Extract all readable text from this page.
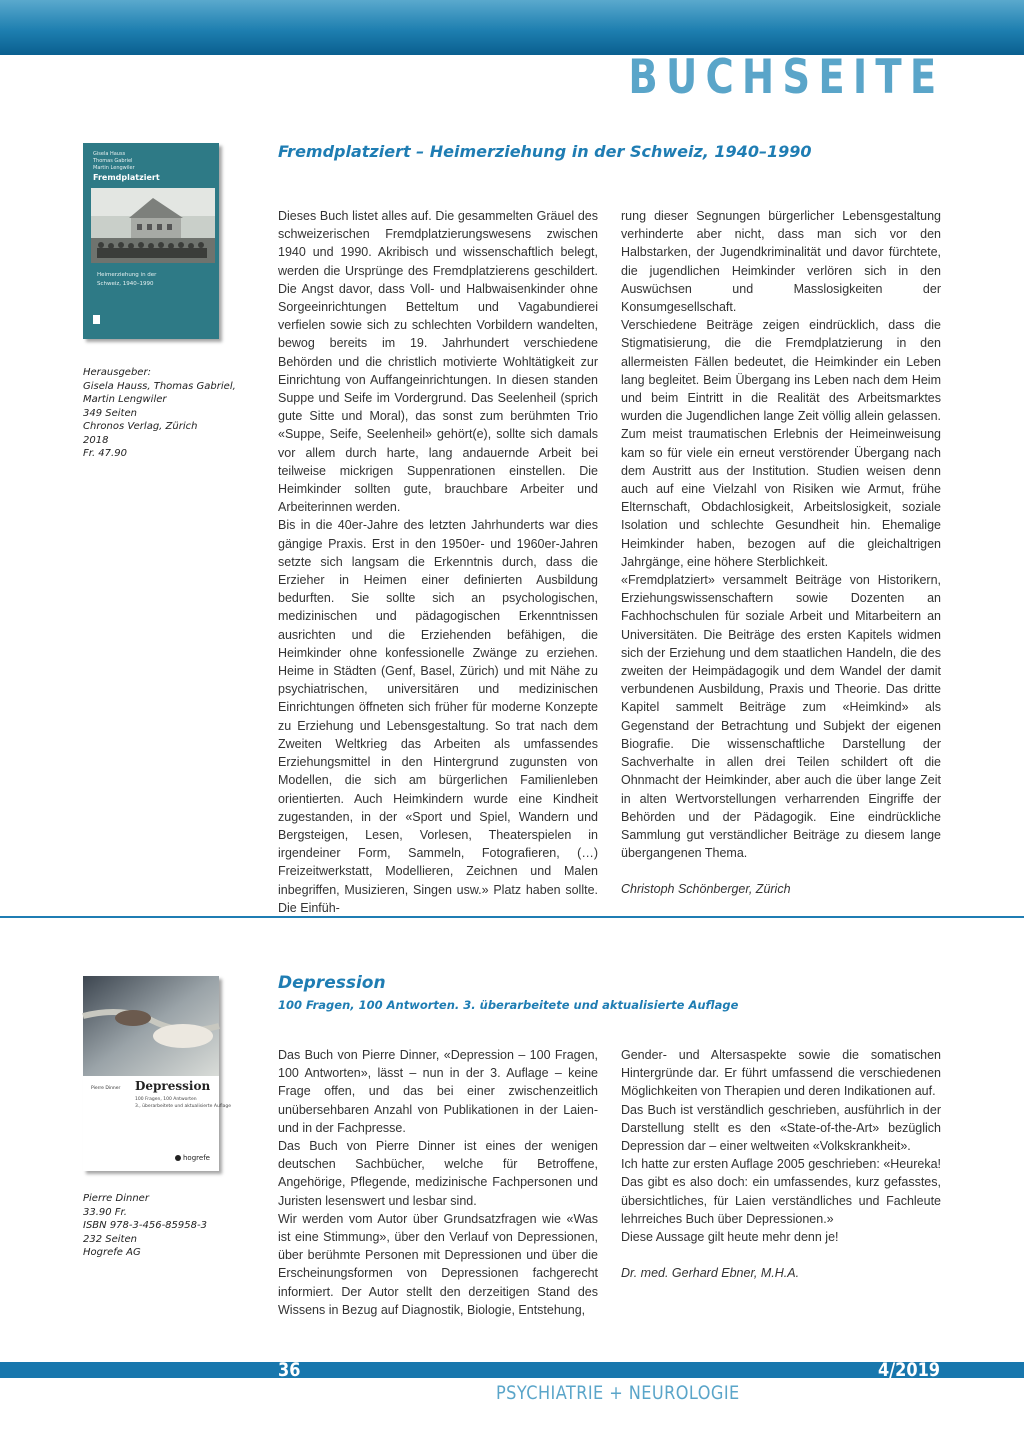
BUCHSEITE
Fremdplatziert – Heimerziehung in der Schweiz, 1940–1990
Gisela Hauss
Thomas Gabriel
Martin Lengwiler
Fremdplatziert
Heimerziehung in der
Schweiz, 1940–1990
Herausgeber:
Gisela Hauss, Thomas Gabriel,
Martin Lengwiler
349 Seiten
Chronos Verlag, Zürich
2018
Fr. 47.90

Dieses Buch listet alles auf. Die gesammelten Gräuel des schweizerischen Fremdplatzierungswesens zwischen 1940 und 1990. Akribisch und wissenschaftlich belegt, werden die Ursprünge des Fremdplatzierens geschildert. Die Angst davor, dass Voll- und Halbwaisenkinder ohne Sorgeeinrichtungen Betteltum und Vagabundierei verfielen sowie sich zu schlechten Vorbildern wandelten, bewog bereits im 19. Jahrhundert verschiedene Behörden und die christlich motivierte Wohltätigkeit zur Einrichtung von Auffangeinrichtungen. In diesen standen Suppe und Seife im Vordergrund. Das Seelenheil (sprich gute Sitte und Moral), das sonst zum berühmten Trio «Suppe, Seife, Seelenheil» gehört(e), sollte sich damals vor allem durch harte, lang andauernde Arbeit bei teilweise mickrigen Suppenrationen einstellen. Die Heimkinder sollten gute, brauchbare Arbeiter und Arbeiterinnen werden.

Bis in die 40er-Jahre des letzten Jahrhunderts war dies gängige Praxis. Erst in den 1950er- und 1960er-Jahren setzte sich langsam die Erkenntnis durch, dass die Erzieher in Heimen einer definierten Ausbildung bedurften. Sie sollte sich an psychologischen, medizinischen und pädagogischen Erkenntnissen ausrichten und die Erziehenden befähigen, die Heimkinder ohne konfessionelle Zwänge zu erziehen. Heime in Städten (Genf, Basel, Zürich) und mit Nähe zu psychiatrischen, universitären und medizinischen Einrichtungen öffneten sich früher für moderne Konzepte zu Erziehung und Lebensgestaltung. So trat nach dem Zweiten Weltkrieg das Arbeiten als umfassendes Erziehungsmittel in den Hintergrund zugunsten von Modellen, die sich am bürgerlichen Familienleben orientierten. Auch Heimkindern wurde eine Kindheit zugestanden, in der «Sport und Spiel, Wandern und Bergsteigen, Lesen, Vorlesen, Theaterspielen in irgendeiner Form, Sammeln, Fotografieren, (…) Freizeitwerkstatt, Modellieren, Zeichnen und Malen inbegriffen, Musizieren, Singen usw.» Platz haben sollte. Die Einfüh-

rung dieser Segnungen bürgerlicher Lebensgestaltung verhinderte aber nicht, dass man sich vor den Halbstarken, der Jugendkriminalität und davor fürchtete, die jugendlichen Heimkinder verlören sich in den Auswüchsen und Masslosigkeiten der Konsumgesellschaft.

Verschiedene Beiträge zeigen eindrücklich, dass die Stigmatisierung, die die Fremdplatzierung in den allermeisten Fällen bedeutet, die Heimkinder ein Leben lang begleitet. Beim Übergang ins Leben nach dem Heim und beim Eintritt in die Realität des Arbeitsmarktes wurden die Jugendlichen lange Zeit völlig allein gelassen. Zum meist traumatischen Erlebnis der Heimeinweisung kam so für viele ein erneut verstörender Übergang nach dem Austritt aus der Institution. Studien weisen denn auch auf eine Vielzahl von Risiken wie Armut, frühe Elternschaft, Obdachlosigkeit, Arbeitslosigkeit, soziale Isolation und schlechte Gesundheit hin. Ehemalige Heimkinder haben, bezogen auf die gleichaltrigen Jahrgänge, eine höhere Sterblichkeit.

«Fremdplatziert» versammelt Beiträge von Historikern, Erziehungswissenschaftern sowie Dozenten an Fachhochschulen für soziale Arbeit und Mitarbeitern an Universitäten. Die Beiträge des ersten Kapitels widmen sich der Erziehung und dem staatlichen Handeln, die des zweiten der Heimpädagogik und dem Wandel der damit verbundenen Ausbildung, Praxis und Theorie. Das dritte Kapitel sammelt Beiträge zum «Heimkind» als Gegenstand der Betrachtung und Subjekt der eigenen Biografie. Die wissenschaftliche Darstellung der Sachverhalte in allen drei Teilen schildert oft die Ohnmacht der Heimkinder, aber auch die über lange Zeit in alten Wertvorstellungen verharrenden Eingriffe der Behörden und der Pädagogik. Eine eindrückliche Sammlung gut verständlicher Beiträge zu diesem lange übergangenen Thema.

Christoph Schönberger, Zürich

Depression
100 Fragen, 100 Antworten. 3. überarbeitete und aktualisierte Auflage
Pierre Dinner Depression
100 Fragen, 100 Antworten
3., überarbeitete und aktualisierte Auflage
hogrefe
Pierre Dinner
33.90 Fr.
ISBN 978-3-456-85958-3
232 Seiten
Hogrefe AG

Das Buch von Pierre Dinner, «Depression – 100 Fragen, 100 Antworten», lässt – nun in der 3. Auflage – keine Frage offen, und das bei einer zwischenzeitlich unübersehbaren Anzahl von Publikationen in der Laien- und in der Fachpresse.

Das Buch von Pierre Dinner ist eines der wenigen deutschen Sachbücher, welche für Betroffene, Angehörige, Pflegende, medizinische Fachpersonen und Juristen lesenswert und lesbar sind.

Wir werden vom Autor über Grundsatzfragen wie «Was ist eine Stimmung», über den Verlauf von Depressionen, über berühmte Personen mit Depressionen und über die Erscheinungsformen von Depressionen fachgerecht informiert. Der Autor stellt den derzeitigen Stand des Wissens in Bezug auf Diagnostik, Biologie, Entstehung,

Gender- und Altersaspekte sowie die somatischen Hintergründe dar. Er führt umfassend die verschiedenen Möglichkeiten von Therapien und deren Indikationen auf.

Das Buch ist verständlich geschrieben, ausführlich in der Darstellung stellt es den «State-of-the-Art» bezüglich Depression dar – einer weltweiten «Volkskrankheit».

Ich hatte zur ersten Auflage 2005 geschrieben: «Heureka! Das gibt es also doch: ein umfassendes, kurz gefasstes, übersichtliches, für Laien verständliches und Fachleute lehrreiches Buch über Depressionen.»

Diese Aussage gilt heute mehr denn je!

Dr. med. Gerhard Ebner, M.H.A.

36	4/2019
PSYCHIATRIE + NEUROLOGIE
